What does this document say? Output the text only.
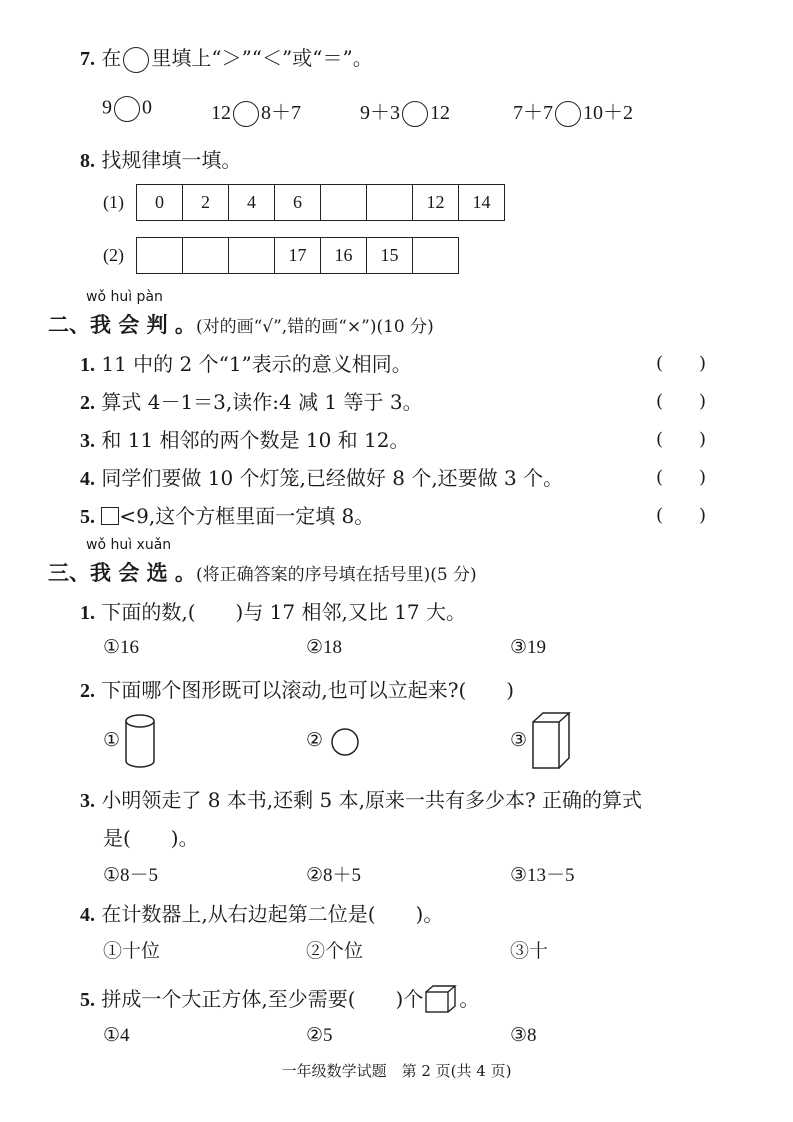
7. 在 里填上“＞”“＜”或“＝”。
9 0	12 8＋7	9＋3 12	7＋7 10＋2
8. 找规律填一填。
(1) 0	2	4	6			12	14
(2)
				17	16	15	
wǒ huì pàn
二、我 会 判 。(对的画“√”,错的画“×”)(10 分)
1. 11 中的 2 个“1”表示的意义相同。	(　　)
2. 算式 4－1＝3,读作:4 减 1 等于 3。	(　　)
3. 和 11 相邻的两个数是 10 和 12。	(　　)
4. 同学们要做 10 个灯笼,已经做好 8 个,还要做 3 个。	(　　)
5. <9,这个方框里面一定填 8。	(　　)
wǒ huì xuǎn
三、我 会 选 。(将正确答案的序号填在括号里)(5 分)
1. 下面的数,(　　)与 17 相邻,又比 17 大。
①16	②18	③19
2. 下面哪个图形既可以滚动,也可以立起来?(　　)
①	②	③
3. 小明领走了 8 本书,还剩 5 本,原来一共有多少本? 正确的算式
是(　　)。
①8－5	②8＋5	③13－5
4. 在计数器上,从右边起第二位是(　　)。
①十位	②个位	③十
5. 拼成一个大正方体,至少需要(　　)个 。
①4	②5	③8
一年级数学试题　第 2 页(共 4 页)
